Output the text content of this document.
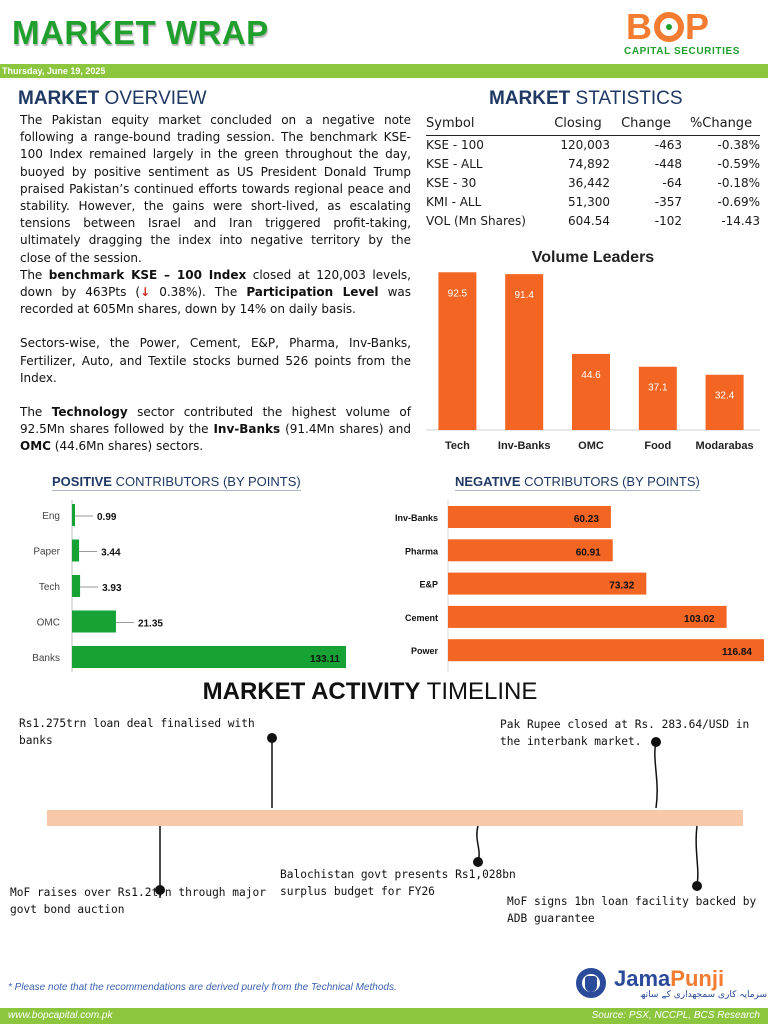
MARKET WRAP	B P
CAPITAL SECURITIES
Thursday, June 19, 2025
MARKET OVERVIEW

The Pakistan equity market concluded on a negative note following a range-bound trading session. The benchmark KSE-100 Index remained largely in the green throughout the day, buoyed by positive sentiment as US President Donald Trump praised Pakistan’s continued efforts towards regional peace and stability. However, the gains were short-lived, as escalating tensions between Israel and Iran triggered profit-taking, ultimately dragging the index into negative territory by the close of the session.

The benchmark KSE – 100 Index closed at 120,003 levels, down by 463Pts (↓ 0.38%). The Participation Level was recorded at 605Mn shares, down by 14% on daily basis.

Sectors-wise, the Power, Cement, E&P, Pharma, Inv-Banks, Fertilizer, Auto, and Textile stocks burned 526 points from the Index.

The Technology sector contributed the highest volume of 92.5Mn shares followed by the Inv-Banks (91.4Mn shares) and OMC (44.6Mn shares) sectors.

MARKET STATISTICS
Symbol	Closing	Change	%Change
KSE - 100	120,003	-463	-0.38%
KSE - ALL	74,892	-448	-0.59%
KSE - 30	36,442	-64	-0.18%
KMI - ALL	51,300	-357	-0.69%
VOL (Mn Shares)	604.54	-102	-14.43
Volume Leaders
92.5
Tech
91.4
Inv-Banks
44.6
OMC
37.1
Food
32.4
Modarabas
POSITIVE CONTRIBUTORS (BY POINTS)	NEGATIVE COTRIBUTORS (BY POINTS)
Eng	0.99
Paper	3.44
Tech	3.93
OMC	21.35
Banks	133.11
Inv-Banks	60.23
Pharma	60.91
E&P	73.32
Cement	103.02
Power	116.84
MARKET ACTIVITY TIMELINE
Rs1.275trn loan deal finalised with banks
Pak Rupee closed at Rs. 283.64/USD in the interbank market.
MoF raises over Rs1.2trn through major govt bond auction
Balochistan govt presents Rs1,028bn surplus budget for FY26
MoF signs 1bn loan facility backed by ADB guarantee
* Please note that the recommendations are derived purely from the Technical Methods.	JamaPunji
سرمایہ کاری سمجھداری کے ساتھ
www.bopcapital.com.pk	Source: PSX, NCCPL, BCS Research
